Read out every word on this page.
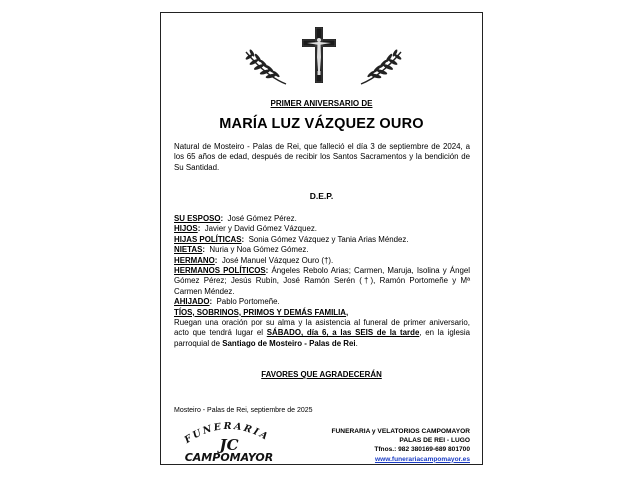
PRIMER ANIVERSARIO DE
MARÍA LUZ VÁZQUEZ OURO
Natural de Mosteiro - Palas de Rei, que falleció el día 3 de septiembre de 2024, a los 65 años de edad, después de recibir los Santos Sacramentos y la bendición de Su Santidad.
D.E.P.
SU ESPOSO: José Gómez Pérez.
HIJOS: Javier y David Gómez Vázquez.
HIJAS POLÍTICAS: Sonia Gómez Vázquez y Tania Arias Méndez.
NIETAS: Nuria y Noa Gómez Gómez.
HERMANO: José Manuel Vázquez Ouro (†).
HERMANOS POLÍTICOS: Ángeles Rebolo Arias; Carmen, Maruja, Isolina y Ángel Gómez Pérez; Jesús Rubín, José Ramón Serén (†), Ramón Portomeñe y Mª Carmen Méndez.
AHIJADO: Pablo Portomeñe.
TÍOS, SOBRINOS, PRIMOS Y DEMÁS FAMILIA,
Ruegan una oración por su alma y la asistencia al funeral de primer aniversario, acto que tendrá lugar el SÁBADO, día 6, a las SEIS de la tarde, en la iglesia parroquial de Santiago de Mosteiro - Palas de Rei.
FAVORES QUE AGRADECERÁN
Mosteiro - Palas de Rei, septiembre de 2025
FUNERARIA
JC
CAMPOMAYOR
FUNERARIA y VELATORIOS CAMPOMAYOR
PALAS DE REI - LUGO
Tfnos.: 982 380169-689 801700
www.funerariacampomayor.es
